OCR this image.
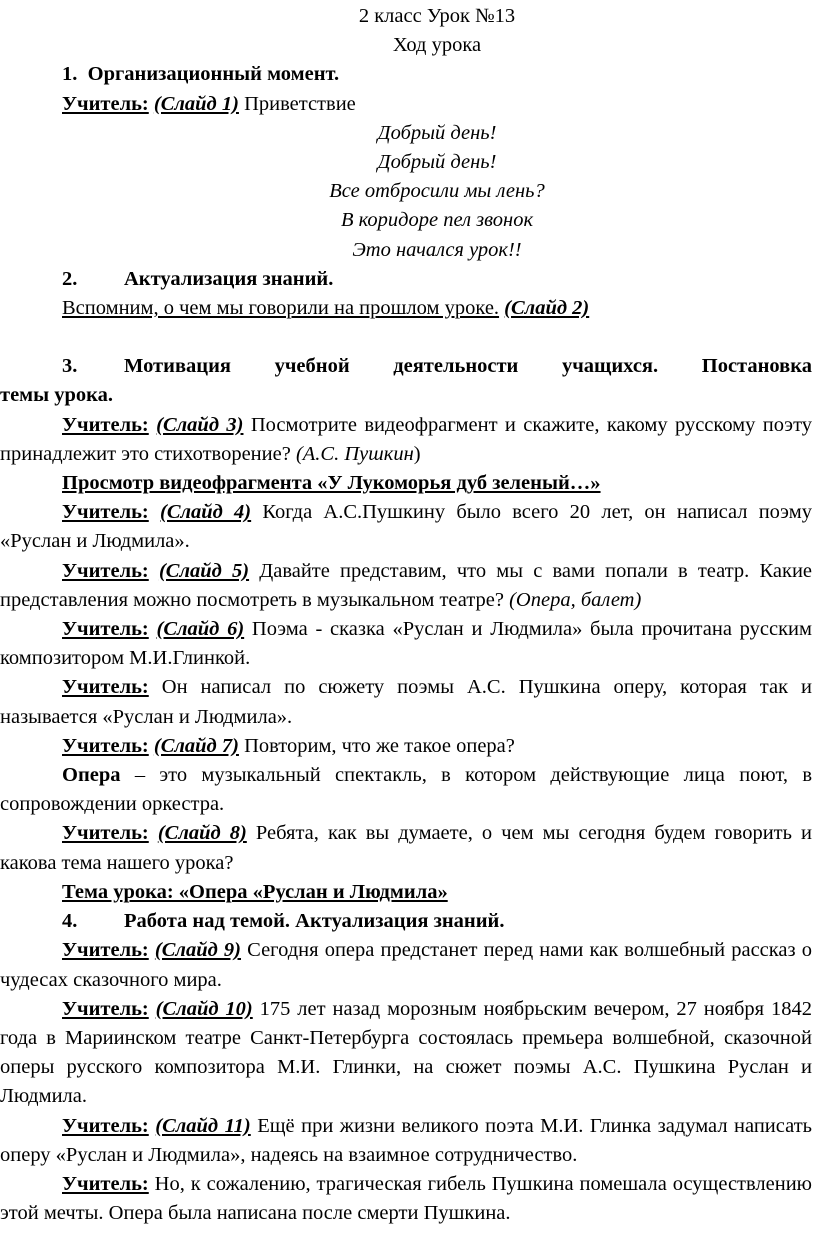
2 класс Урок №13

Ход урока

1.  Организационный момент.

Учитель: (Слайд 1) Приветствие

Добрый день!

Добрый день!

Все отбросили мы лень?

В коридоре пел звонок

Это начался урок!!

2. Актуализация знаний.

Вспомним, о чем мы говорили на прошлом уроке. (Слайд 2)

3. Мотивация учебной деятельности учащихся. Постановка

темы урока.

Учитель: (Слайд 3) Посмотрите видеофрагмент и скажите, какому русскому поэту принадлежит это стихотворение? (А.С. Пушкин)

Просмотр видеофрагмента «У Лукоморья дуб зеленый…»

Учитель: (Слайд 4) Когда А.С.Пушкину было всего 20 лет, он написал поэму «Руслан и Людмила».

Учитель: (Слайд 5) Давайте представим, что мы с вами попали в театр. Какие представления можно посмотреть в музыкальном театре? (Опера, балет)

Учитель: (Слайд 6) Поэма - сказка «Руслан и Людмила» была прочитана русским композитором М.И.Глинкой.

Учитель: Он написал по сюжету поэмы А.С. Пушкина оперу, которая так и называется «Руслан и Людмила».

Учитель: (Слайд 7) Повторим, что же такое опера?

Опера – это музыкальный спектакль, в котором действующие лица поют, в сопровождении оркестра.

Учитель: (Слайд 8) Ребята, как вы думаете, о чем мы сегодня будем говорить и какова тема нашего урока?

Тема урока: «Опера «Руслан и Людмила»

4. Работа над темой. Актуализация знаний.

Учитель: (Слайд 9) Сегодня опера предстанет перед нами как волшебный рассказ о чудесах сказочного мира.

Учитель: (Слайд 10) 175 лет назад морозным ноябрьским вечером, 27 ноября 1842 года в Мариинском театре Санкт-Петербурга состоялась премьера волшебной, сказочной оперы русского композитора М.И. Глинки, на сюжет поэмы А.С. Пушкина Руслан и Людмила.

Учитель: (Слайд 11) Ещё при жизни великого поэта М.И. Глинка задумал написать оперу «Руслан и Людмила», надеясь на взаимное сотрудничество.

Учитель: Но, к сожалению, трагическая гибель Пушкина помешала осуществлению этой мечты. Опера была написана после смерти Пушкина.
